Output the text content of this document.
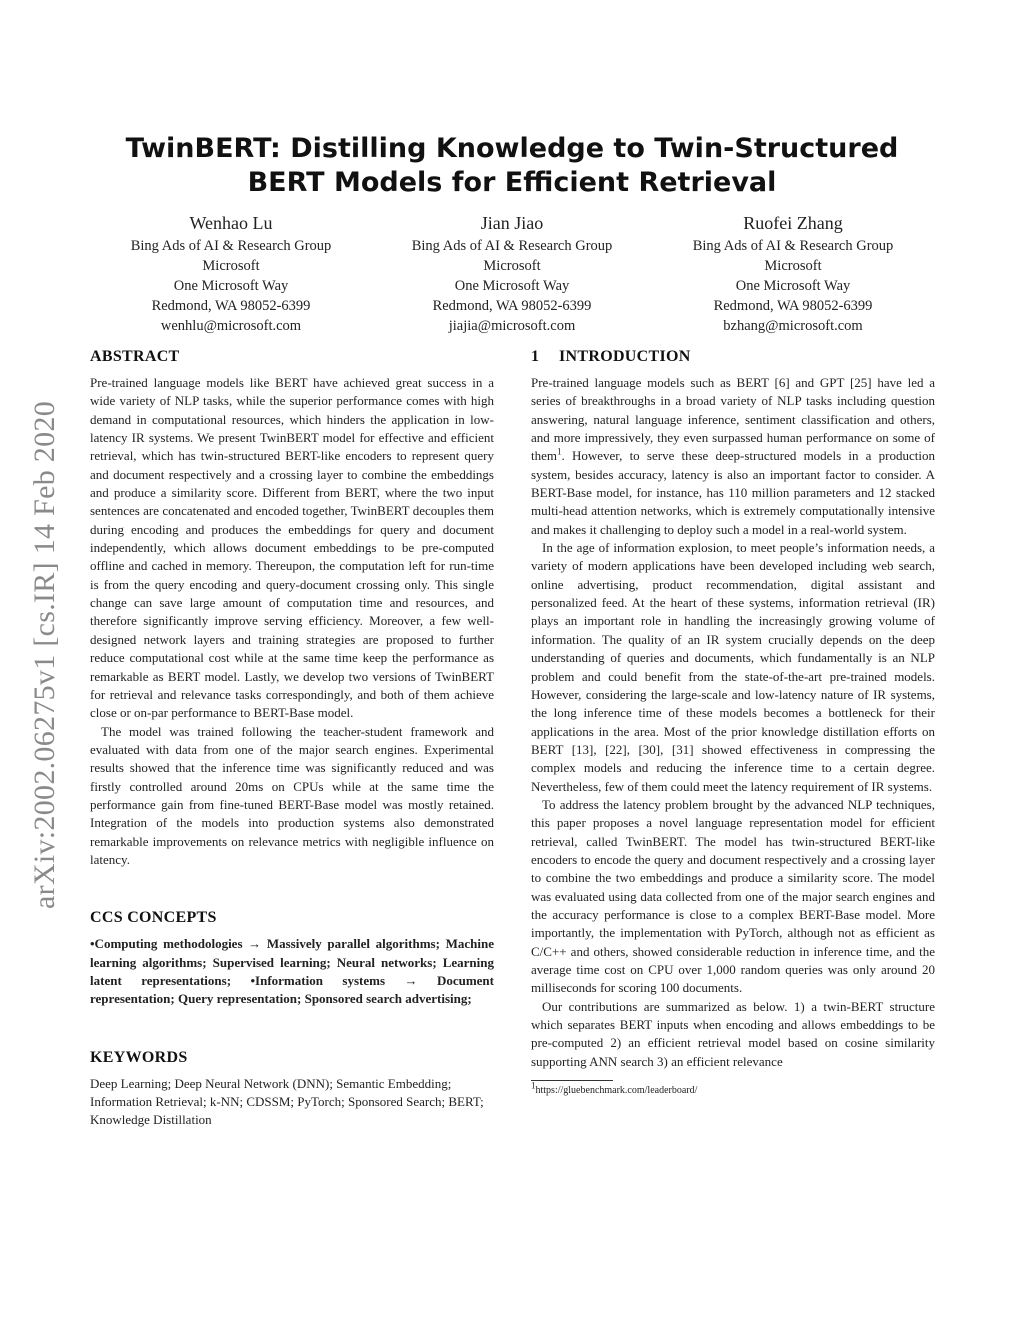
arXiv:2002.06275v1 [cs.IR] 14 Feb 2020
TwinBERT: Distilling Knowledge to Twin-Structured BERT Models for Efficient Retrieval
Wenhao Lu
Bing Ads of AI & Research Group
Microsoft
One Microsoft Way
Redmond, WA 98052-6399
wenhlu@microsoft.com
Jian Jiao
Bing Ads of AI & Research Group
Microsoft
One Microsoft Way
Redmond, WA 98052-6399
jiajia@microsoft.com
Ruofei Zhang
Bing Ads of AI & Research Group
Microsoft
One Microsoft Way
Redmond, WA 98052-6399
bzhang@microsoft.com
ABSTRACT

Pre-trained language models like BERT have achieved great success in a wide variety of NLP tasks, while the superior performance comes with high demand in computational resources, which hinders the application in low-latency IR systems. We present TwinBERT model for effective and efficient retrieval, which has twin-structured BERT-like encoders to represent query and document respectively and a crossing layer to combine the embeddings and produce a similarity score. Different from BERT, where the two input sentences are concatenated and encoded together, TwinBERT decouples them during encoding and produces the embeddings for query and document independently, which allows document embeddings to be pre-computed offline and cached in memory. Thereupon, the computation left for run-time is from the query encoding and query-document crossing only. This single change can save large amount of computation time and resources, and therefore significantly improve serving efficiency. Moreover, a few well-designed network layers and training strategies are proposed to further reduce computational cost while at the same time keep the performance as remarkable as BERT model. Lastly, we develop two versions of TwinBERT for retrieval and relevance tasks correspondingly, and both of them achieve close or on-par performance to BERT-Base model.

The model was trained following the teacher-student framework and evaluated with data from one of the major search engines. Experimental results showed that the inference time was significantly reduced and was firstly controlled around 20ms on CPUs while at the same time the performance gain from fine-tuned BERT-Base model was mostly retained. Integration of the models into production systems also demonstrated remarkable improvements on relevance metrics with negligible influence on latency.

CCS CONCEPTS

•Computing methodologies → Massively parallel algorithms; Machine learning algorithms; Supervised learning; Neural networks; Learning latent representations; •Information systems → Document representation; Query representation; Sponsored search advertising;

KEYWORDS

Deep Learning; Deep Neural Network (DNN); Semantic Embedding; Information Retrieval; k-NN; CDSSM; PyTorch; Sponsored Search; BERT; Knowledge Distillation

1 INTRODUCTION

Pre-trained language models such as BERT [6] and GPT [25] have led a series of breakthroughs in a broad variety of NLP tasks including question answering, natural language inference, sentiment classification and others, and more impressively, they even surpassed human performance on some of them$^1$. However, to serve these deep-structured models in a production system, besides accuracy, latency is also an important factor to consider. A BERT-Base model, for instance, has 110 million parameters and 12 stacked multi-head attention networks, which is extremely computationally intensive and makes it challenging to deploy such a model in a real-world system.

In the age of information explosion, to meet people’s information needs, a variety of modern applications have been developed including web search, online advertising, product recommendation, digital assistant and personalized feed. At the heart of these systems, information retrieval (IR) plays an important role in handling the increasingly growing volume of information. The quality of an IR system crucially depends on the deep understanding of queries and documents, which fundamentally is an NLP problem and could benefit from the state-of-the-art pre-trained models. However, considering the large-scale and low-latency nature of IR systems, the long inference time of these models becomes a bottleneck for their applications in the area. Most of the prior knowledge distillation efforts on BERT [13], [22], [30], [31] showed effectiveness in compressing the complex models and reducing the inference time to a certain degree. Nevertheless, few of them could meet the latency requirement of IR systems.

To address the latency problem brought by the advanced NLP techniques, this paper proposes a novel language representation model for efficient retrieval, called TwinBERT. The model has twin-structured BERT-like encoders to encode the query and document respectively and a crossing layer to combine the two embeddings and produce a similarity score. The model was evaluated using data collected from one of the major search engines and the accuracy performance is close to a complex BERT-Base model. More importantly, the implementation with PyTorch, although not as efficient as C/C++ and others, showed considerable reduction in inference time, and the average time cost on CPU over 1,000 random queries was only around 20 milliseconds for scoring 100 documents.

Our contributions are summarized as below. 1) a twin-BERT structure which separates BERT inputs when encoding and allows embeddings to be pre-computed 2) an efficient retrieval model based on cosine similarity supporting ANN search 3) an efficient relevance

$^1$https://gluebenchmark.com/leaderboard/
